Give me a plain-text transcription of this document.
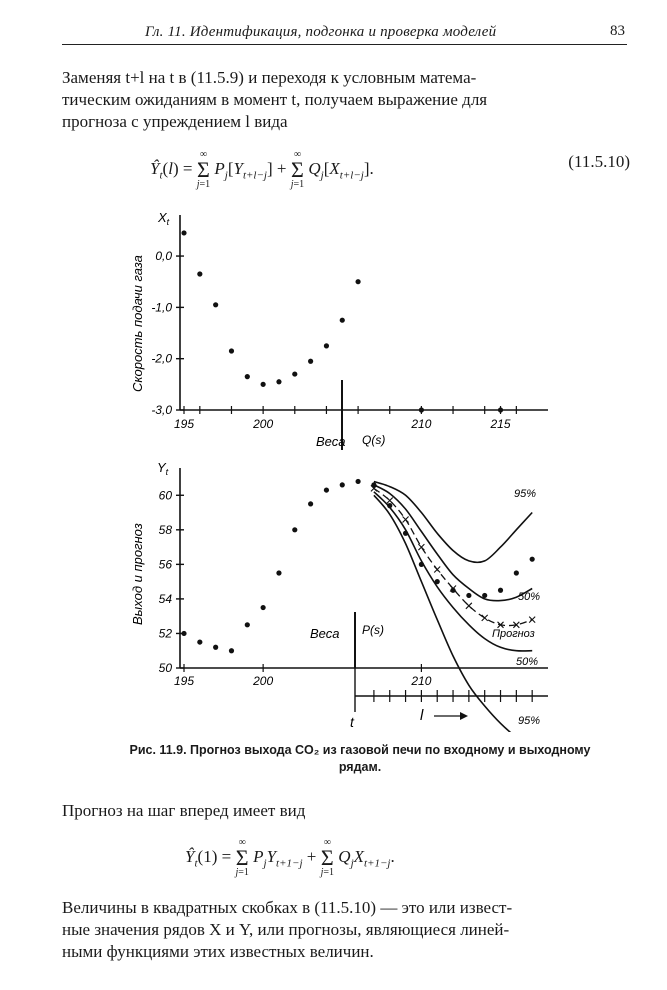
Гл. 11. Идентификация, подгонка и проверка моделей	83
Заменяя t+l на t в (11.5.9) и переходя к условным матема-
тическим ожиданиям в момент t, получаем выражение для
прогноза с упреждением l вида
$Ŷ_t(l)$ = ∞
Σ
j=1 $P_j[Y_{t+l-j}]$ + ∞
Σ
j=1 $Q_j[X_{t+l-j}]$.	(11.5.10)
$X_t$
Скорость подачи газа 0,0
-1,0
-2,0
-3,0
195	200	210	215
Веса Q(s)
$Y_t$
Выход и прогноз
60
58
56
54
52
50
195	200	210
Веса P(s)
t	l
95%
50%
Прогноз
50%
95%
Рис. 11.9. Прогноз выхода CO₂ из газовой печи по входному и выходному
рядам.
Прогноз на шаг вперед имеет вид
$Ŷ_t(1)$ = ∞
Σ
j=1 $P_jY_{t+1-j}$ + ∞
Σ
j=1 $Q_jX_{t+1-j}$.
Величины в квадратных скобках в (11.5.10) — это или извест-
ные значения рядов X и Y, или прогнозы, являющиеся линей-
ными функциями этих известных величин.
